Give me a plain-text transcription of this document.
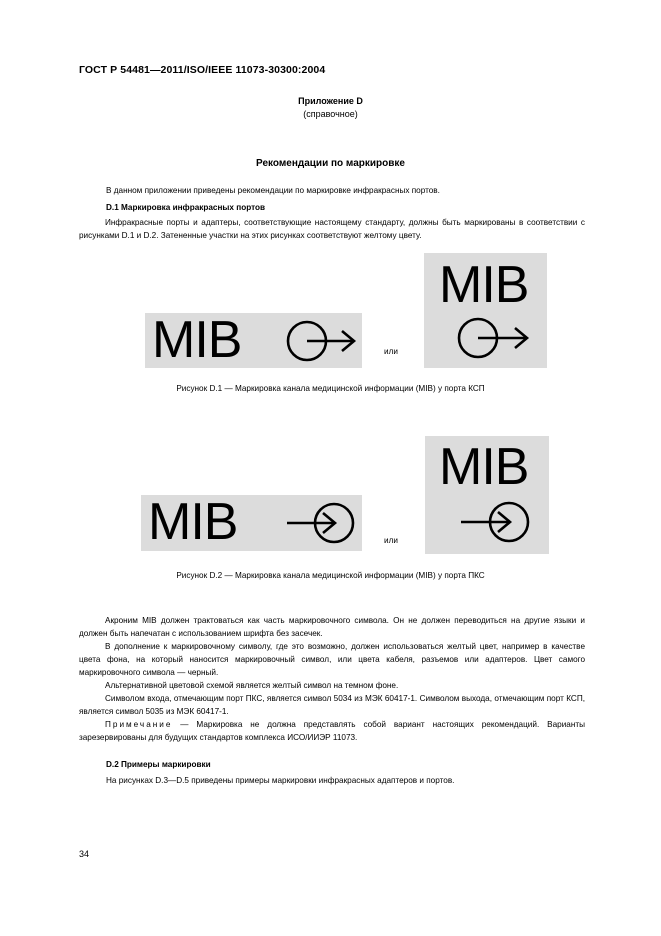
ГОСТ Р 54481—2011/ISO/IEEE 11073-30300:2004
Приложение D
(справочное)
Рекомендации по маркировке
В данном приложении приведены рекомендации по маркировке инфракрасных портов.
D.1 Маркировка инфракрасных портов
Инфракрасные порты и адаптеры, соответствующие настоящему стандарту, должны быть маркированы в соответствии с рисунками D.1 и D.2. Затененные участки на этих рисунках соответствуют желтому цвету.
MIB	или
MIB
Рисунок D.1 — Маркировка канала медицинской информации (MIB) у порта КСП
MIB	или
MIB
Рисунок D.2 — Маркировка канала медицинской информации (MIB) у порта ПКС
Акроним MIB должен трактоваться как часть маркировочного символа. Он не должен переводиться на другие языки и должен быть напечатан с использованием шрифта без засечек.
В дополнение к маркировочному символу, где это возможно, должен использоваться желтый цвет, например в качестве цвета фона, на который наносится маркировочный символ, или цвета кабеля, разъемов или адаптеров. Цвет самого маркировочного символа — черный.
Альтернативной цветовой схемой является желтый символ на темном фоне.
Символом входа, отмечающим порт ПКС, является символ 5034 из МЭК 60417-1. Символом выхода, отмечающим порт КСП, является символ 5035 из МЭК 60417-1.
Примечание — Маркировка не должна представлять собой вариант настоящих рекомендаций. Варианты зарезервированы для будущих стандартов комплекса ИСО/ИИЭР 11073.
D.2 Примеры маркировки
На рисунках D.3—D.5 приведены примеры маркировки инфракрасных адаптеров и портов.
34
